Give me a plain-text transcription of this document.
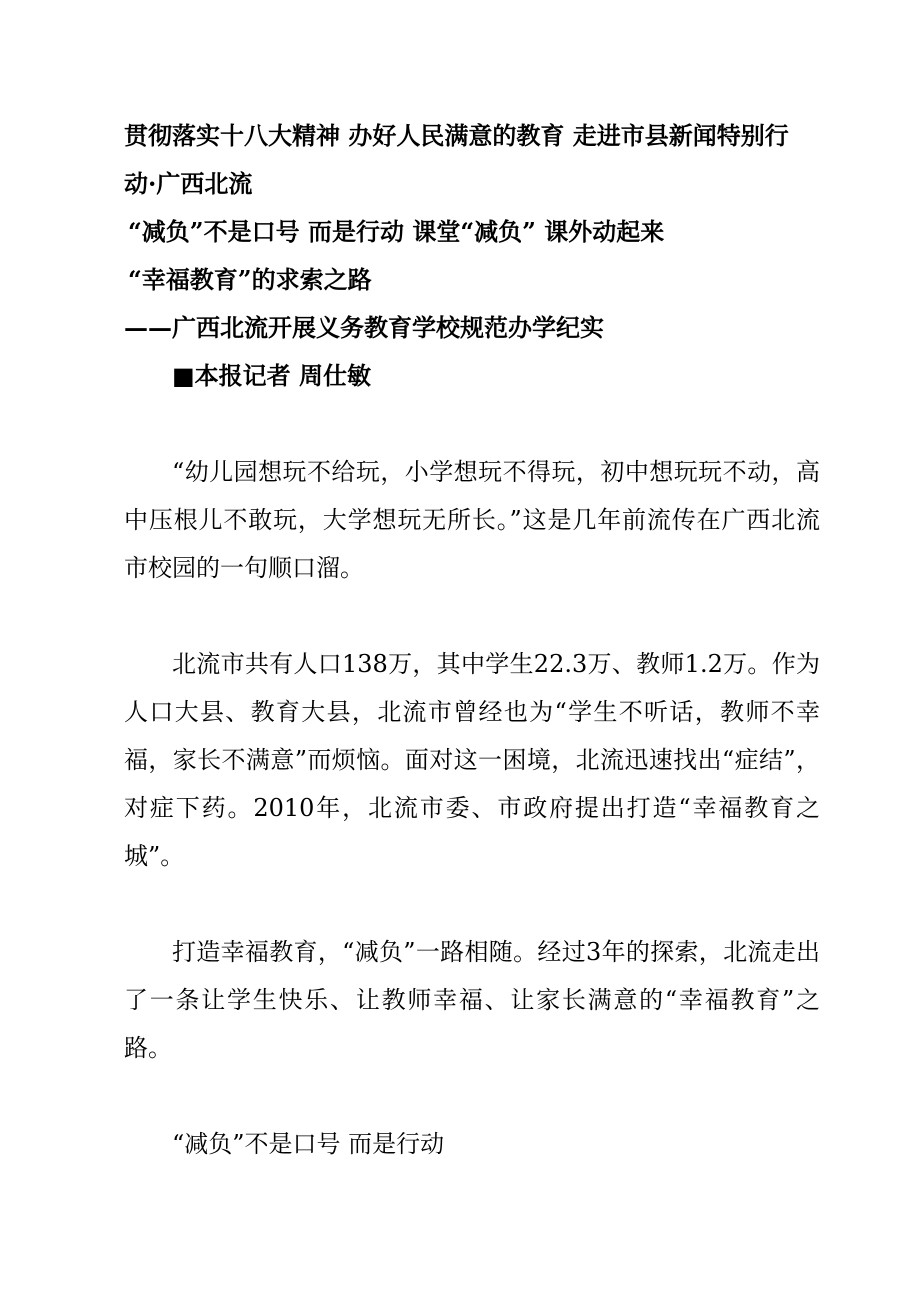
贯彻落实十八大精神 办好人民满意的教育 走进市县新闻特别行

动·广西北流

“减负”不是口号 而是行动 课堂“减负” 课外动起来

“幸福教育”的求索之路

——广西北流开展义务教育学校规范办学纪实

■本报记者 周仕敏

“幼儿园想玩不给玩，小学想玩不得玩，初中想玩玩不动，高中压根儿不敢玩，大学想玩无所长。”这是几年前流传在广西北流市校园的一句顺口溜。

北流市共有人口138万，其中学生22.3万、教师1.2万。作为人口大县、教育大县，北流市曾经也为“学生不听话，教师不幸福，家长不满意”而烦恼。面对这一困境，北流迅速找出“症结”，对症下药。2010年，北流市委、市政府提出打造“幸福教育之城”。

打造幸福教育，“减负”一路相随。经过3年的探索，北流走出了一条让学生快乐、让教师幸福、让家长满意的“幸福教育”之路。

“减负”不是口号 而是行动
